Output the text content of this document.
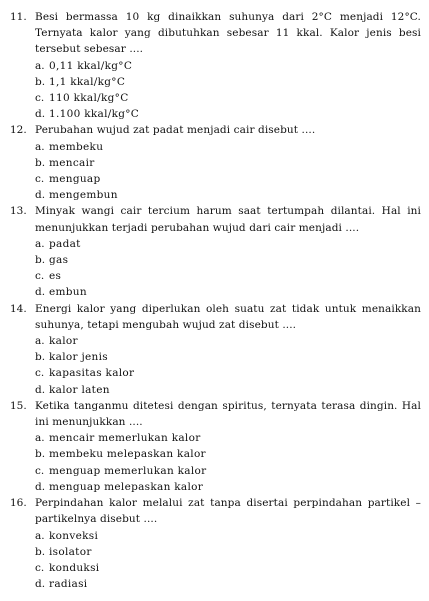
11. Besi bermassa 10 kg dinaikkan suhunya dari 2°C menjadi 12°C. Ternyata kalor yang dibutuhkan sebesar 11 kkal. Kalor jenis besi tersebut sebesar ....
a. 0,11 kkal/kg°C
b. 1,1 kkal/kg°C
c. 110 kkal/kg°C
d. 1.100 kkal/kg°C
12. Perubahan wujud zat padat menjadi cair disebut ....
a. membeku
b. mencair
c. menguap
d. mengembun
13. Minyak wangi cair tercium harum saat tertumpah dilantai. Hal ini menunjukkan terjadi perubahan wujud dari cair menjadi ....
a. padat
b. gas
c. es
d. embun
14. Energi kalor yang diperlukan oleh suatu zat tidak untuk menaikkan suhunya, tetapi mengubah wujud zat disebut ....
a. kalor
b. kalor jenis
c. kapasitas kalor
d. kalor laten
15. Ketika tanganmu ditetesi dengan spiritus, ternyata terasa dingin. Hal ini menunjukkan ....
a. mencair memerlukan kalor
b. membeku melepaskan kalor
c. menguap memerlukan kalor
d. menguap melepaskan kalor
16. Perpindahan kalor melalui zat tanpa disertai perpindahan partikel – partikelnya disebut ....
a. konveksi
b. isolator
c. konduksi
d. radiasi
